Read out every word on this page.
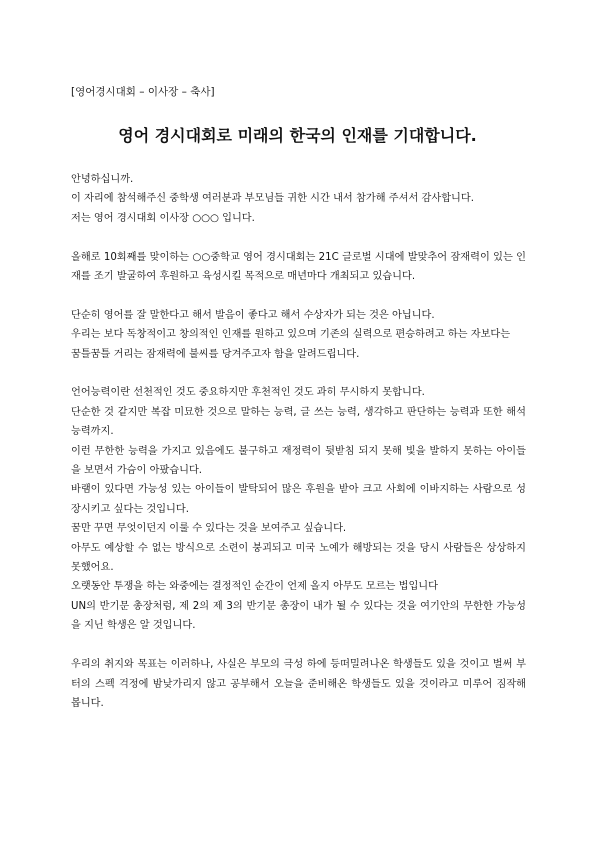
[영어경시대회 – 이사장 – 축사]
영어 경시대회로 미래의 한국의 인재를 기대합니다.

안녕하십니까.

이 자리에 참석해주신 중학생 여러분과 부모님들 귀한 시간 내서 참가해 주셔서 감사합니다.

저는 영어 경시대회 이사장 ○○○ 입니다.

올해로 10회째를 맞이하는 ○○중학교 영어 경시대회는 21C 글로벌 시대에 발맞추어 잠재력이 있는 인재를 조기 발굴하여 후원하고 육성시킬 목적으로 매년마다 개최되고 있습니다.

단순히 영어를 잘 말한다고 해서 발음이 좋다고 해서 수상자가 되는 것은 아닙니다.

우리는 보다 독창적이고 창의적인 인재를 원하고 있으며 기존의 실력으로 편승하려고 하는 자보다는

꿈틀꿈틀 거리는 잠재력에 불씨를 당겨주고자 함을 알려드립니다.

언어능력이란 선천적인 것도 중요하지만 후천적인 것도 과히 무시하지 못합니다.

단순한 것 같지만 복잡 미묘한 것으로 말하는 능력, 글 쓰는 능력, 생각하고 판단하는 능력과 또한 해석 능력까지.

이런 무한한 능력을 가지고 있음에도 불구하고 재정력이 뒷받침 되지 못해 빛을 발하지 못하는 아이들을 보면서 가슴이 아팠습니다.

바램이 있다면 가능성 있는 아이들이 발탁되어 많은 후원을 받아 크고 사회에 이바지하는 사람으로 성장시키고 싶다는 것입니다.

꿈만 꾸면 무엇이던지 이룰 수 있다는 것을 보여주고 싶습니다.

아무도 예상할 수 없는 방식으로 소련이 붕괴되고 미국 노예가 해방되는 것을 당시 사람들은 상상하지 못했어요.

오랫동안 투쟁을 하는 와중에는 결정적인 순간이 언제 올지 아무도 모르는 법입니다

UN의 반기문 총장처럼, 제 2의 제 3의 반기문 총장이 내가 될 수 있다는 것을 여기안의 무한한 가능성을 지닌 학생은 알 것입니다.

우리의 취지와 목표는 이러하나, 사실은 부모의 극성 하에 등떠밀려나온 학생들도 있을 것이고 벌써 부터의 스펙 걱정에 밤낮가리지 않고 공부해서 오늘을 준비해온 학생들도 있을 것이라고 미루어 짐작해 봅니다.
